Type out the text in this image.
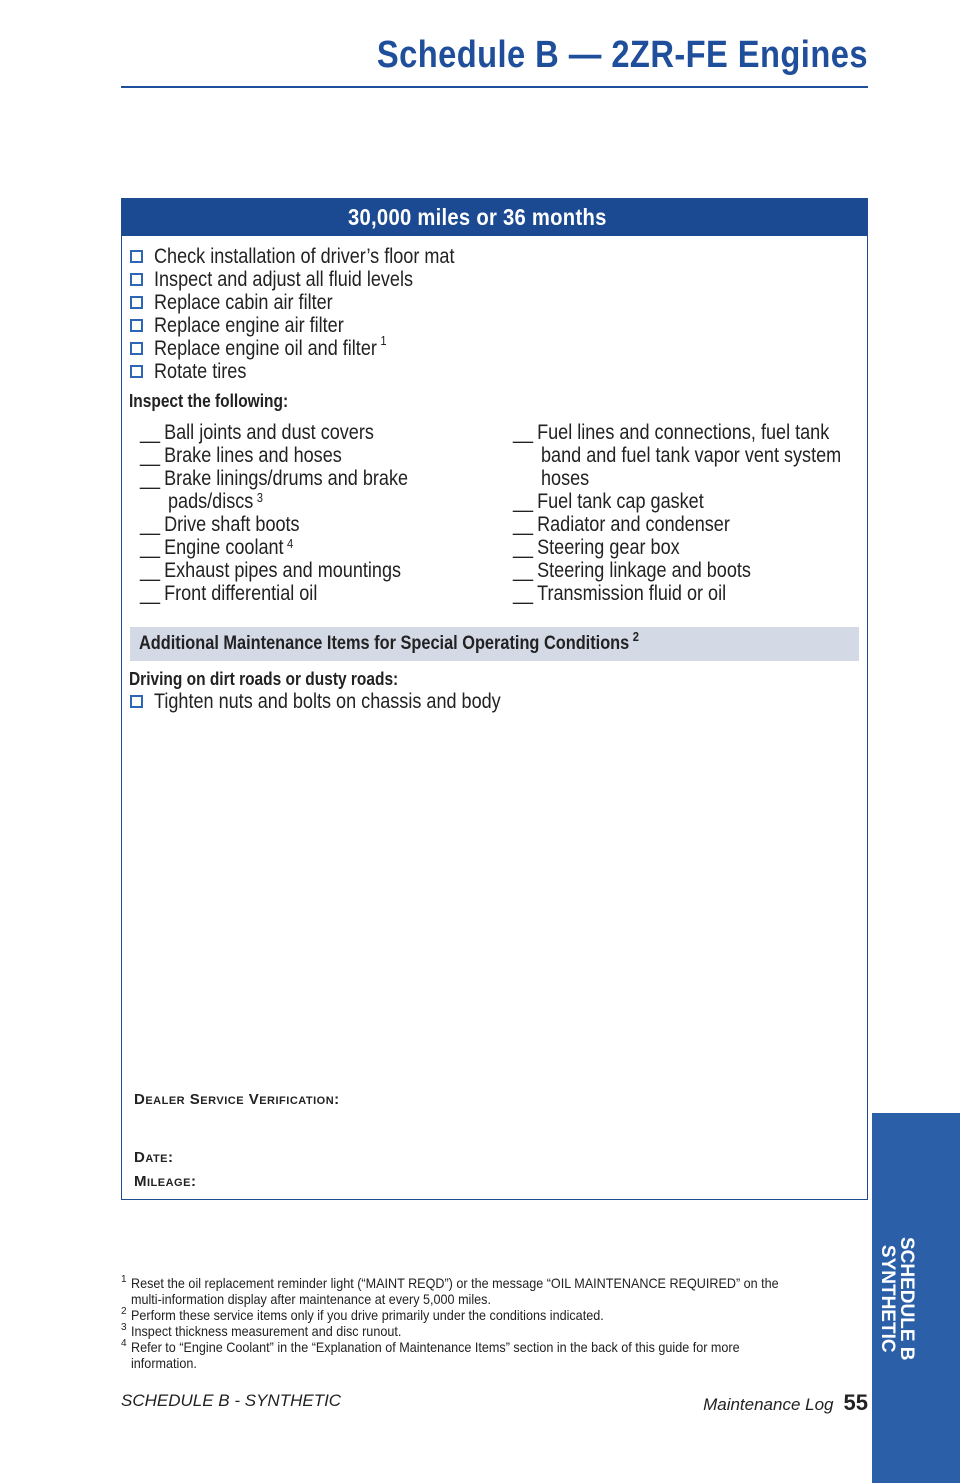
Schedule B — 2ZR-FE Engines
30,000 miles or 36 months
Check installation of driver’s floor mat
Inspect and adjust all fluid levels
Replace cabin air filter
Replace engine air filter
Replace engine oil and filter $^1$
Rotate tires
Inspect the following:
__ Ball joints and dust covers
__ Brake lines and hoses
__ Brake linings/drums and brake
pads/discs $^3$
__ Drive shaft boots
__ Engine coolant $^4$
__ Exhaust pipes and mountings
__ Front differential oil
__ Fuel lines and connections, fuel tank
band and fuel tank vapor vent system
hoses
__ Fuel tank cap gasket
__ Radiator and condenser
__ Steering gear box
__ Steering linkage and boots
__ Transmission fluid or oil
Additional Maintenance Items for Special Operating Conditions $^2$
Driving on dirt roads or dusty roads:
Tighten nuts and bolts on chassis and body
Dealer Service Verification:
Date:
Mileage:
1 Reset the oil replacement reminder light (“MAINT REQD”) or the message “OIL MAINTENANCE REQUIRED” on the
multi-information display after maintenance at every 5,000 miles.
2 Perform these service items only if you drive primarily under the conditions indicated.
3 Inspect thickness measurement and disc runout.
4 Refer to “Engine Coolant” in the “Explanation of Maintenance Items” section in the back of this guide for more
information.
SCHEDULE B - SYNTHETIC	Maintenance Log 55
SCHEDULE B
SYNTHETIC
